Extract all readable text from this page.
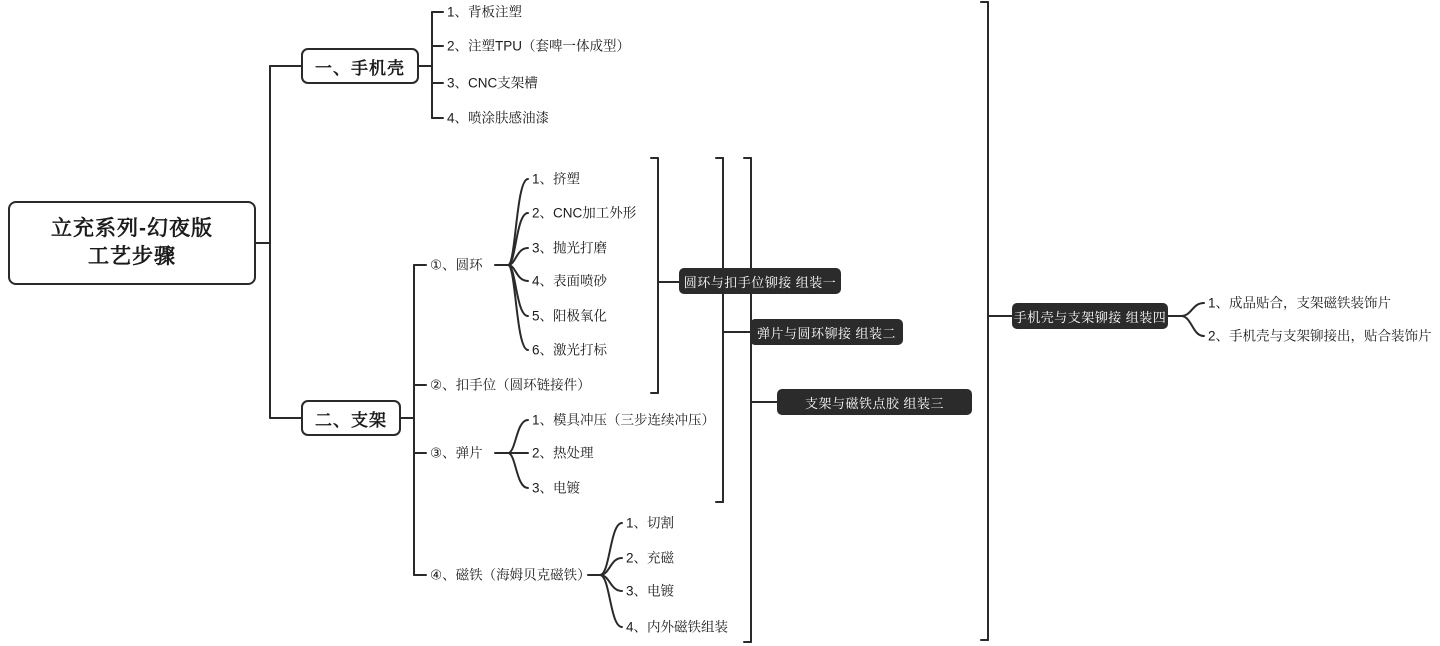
立充系列-幻夜版
工艺步骤
一、手机壳
二、支架
1、背板注塑
2、注塑TPU（套啤一体成型）
3、CNC支架槽
4、喷涂肤感油漆
①、圆环
②、扣手位（圆环链接件）
③、弹片
④、磁铁（海姆贝克磁铁）
1、挤塑
2、CNC加工外形
3、抛光打磨
4、表面喷砂
5、阳极氧化
6、激光打标
1、模具冲压（三步连续冲压）
2、热处理
3、电镀
1、切割
2、充磁
3、电镀
4、内外磁铁组装
圆环与扣手位铆接 组装一
弹片与圆环铆接 组装二
支架与磁铁点胶 组装三
手机壳与支架铆接 组装四
1、成品贴合，支架磁铁装饰片
2、手机壳与支架铆接出，贴合装饰片
